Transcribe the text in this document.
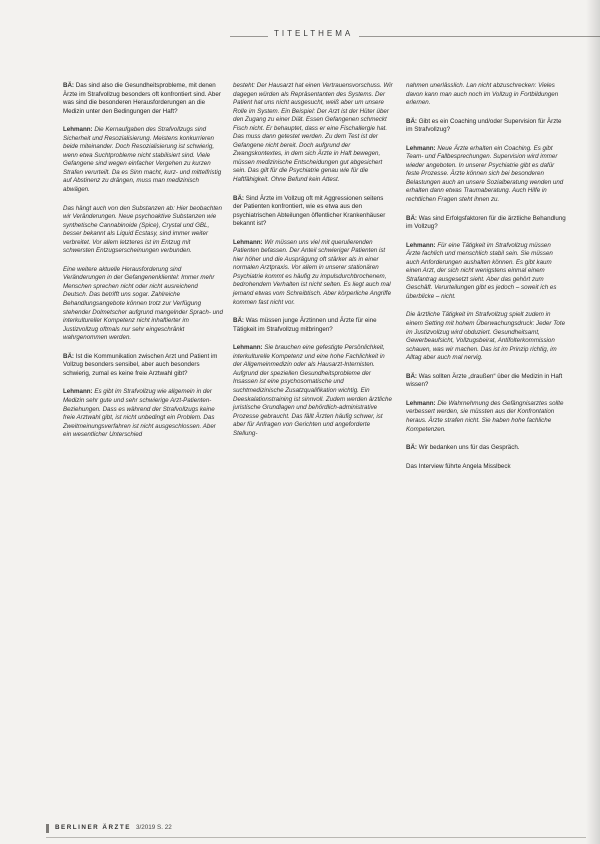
TITELTHEMA

BÄ: Das sind also die Gesundheitsprobleme, mit denen Ärzte im Strafvollzug besonders oft konfrontiert sind. Aber was sind die besonderen Herausforderungen an die Medizin unter den Bedingungen der Haft?

Lehmann: Die Kernaufgaben des Strafvollzugs sind Sicherheit und Resozialisierung. Meistens konkurrieren beide miteinander. Doch Resozialisierung ist schwierig, wenn etwa Suchtprobleme nicht stabilisiert sind. Viele Gefangene sind wegen einfacher Vergehen zu kurzen Strafen verurteilt. Da es Sinn macht, kurz- und mittelfristig auf Abstinenz zu drängen, muss man medizinisch abwägen.

Das hängt auch von den Substanzen ab: Hier beobachten wir Veränderungen. Neue psychoaktive Substanzen wie synthetische Cannabinoide (Spice), Crystal und GBL, besser bekannt als Liquid Ecstasy, sind immer weiter verbreitet. Vor allem letzteres ist im Entzug mit schwersten Entzugserscheinungen verbunden.

Eine weitere aktuelle Herausforderung sind Veränderungen in der Gefangenenklientel: Immer mehr Menschen sprechen nicht oder nicht ausreichend Deutsch. Das betrifft uns sogar. Zahlreiche Behandlungsangebote können trotz zur Verfügung stehender Dolmetscher aufgrund mangelnder Sprach- und interkultureller Kompetenz nicht inhaftierter im Justizvollzug oftmals nur sehr eingeschränkt wahrgenommen werden.

BÄ: Ist die Kommunikation zwischen Arzt und Patient im Vollzug besonders sensibel, aber auch besonders schwierig, zumal es keine freie Arztwahl gibt?

Lehmann: Es gibt im Strafvollzug wie allgemein in der Medizin sehr gute und sehr schwierige Arzt-Patienten-Beziehungen. Dass es während der Strafvollzugs keine freie Arztwahl gibt, ist nicht unbedingt ein Problem. Das Zweitmeinungsverfahren ist nicht ausgeschlossen. Aber ein wesentlicher Unterschied

besteht: Der Hausarzt hat einen Vertrauensvorschuss. Wir dagegen würden als Repräsentanten des Systems. Der Patient hat uns nicht ausgesucht, weiß aber um unsere Rolle im System. Ein Beispiel: Der Arzt ist der Hüter über den Zugang zu einer Diät. Essen Gefangenen schmeckt Fisch nicht. Er behauptet, dass er eine Fischallergie hat. Das muss dann getestet werden. Zu dem Test ist der Gefangene nicht bereit. Doch aufgrund der Zwangskontextes, in dem sich Ärzte in Haft bewegen, müssen medizinische Entscheidungen gut abgesichert sein. Das gilt für die Psychiatrie genau wie für die Haftfähigkeit. Ohne Befund kein Attest.

BÄ: Sind Ärzte im Vollzug oft mit Aggressionen seitens der Patienten konfrontiert, wie es etwa aus den psychiatrischen Abteilungen öffentlicher Krankenhäuser bekannt ist?

Lehmann: Wir müssen uns viel mit querulierenden Patienten befassen. Der Anteil schwieriger Patienten ist hier höher und die Ausprägung oft stärker als in einer normalen Arztpraxis. Vor allem in unserer stationären Psychiatrie kommt es häufig zu impulsdurchbrochenem, bedrohendem Verhalten ist nicht selten. Es liegt auch mal jemand etwas vom Schreibtisch. Aber körperliche Angriffe kommen fast nicht vor.

BÄ: Was müssen junge Ärztinnen und Ärzte für eine Tätigkeit im Strafvollzug mitbringen?

Lehmann: Sie brauchen eine gefestigte Persönlichkeit, interkulturelle Kompetenz und eine hohe Fachlichkeit in der Allgemeinmedizin oder als Hausarzt-Internisten. Aufgrund der speziellen Gesundheitsprobleme der Insassen ist eine psychosomatische und suchtmedizinische Zusatzqualifikation wichtig. Ein Deeskalationstraining ist sinnvoll. Zudem werden ärztliche juristische Grundlagen und behördlich-administrative Prozesse gebraucht. Das fällt Ärzten häufig schwer, ist aber für Anfragen von Gerichten und angeforderte Stellung-

nahmen unerlässlich. Lan nicht abzuschrecken: Vieles davon kann man auch noch im Vollzug in Fortbildungen erlernen.

BÄ: Gibt es ein Coaching und/oder Supervision für Ärzte im Strafvollzug?

Lehmann: Neue Ärzte erhalten ein Coaching. Es gibt Team- und Fallbesprechungen. Supervision wird immer wieder angeboten. In unserer Psychiatrie gibt es dafür feste Prozesse. Ärzte können sich bei besonderen Belastungen auch an unsere Sozialberatung wenden und erhalten dann etwas Traumaberatung. Auch Hilfe in rechtlichen Fragen steht ihnen zu.

BÄ: Was sind Erfolgsfaktoren für die ärztliche Behandlung im Vollzug?

Lehmann: Für eine Tätigkeit im Strafvollzug müssen Ärzte fachlich und menschlich stabil sein. Sie müssen auch Anforderungen aushalten können. Es gibt kaum einen Arzt, der sich nicht wenigstens einmal einem Strafantrag ausgesetzt sieht. Aber das gehört zum Geschäft. Verurteilungen gibt es jedoch – soweit ich es überblicke – nicht.

Die ärztliche Tätigkeit im Strafvollzug spielt zudem in einem Setting mit hohem Überwachungsdruck: Jeder Tote im Justizvollzug wird obduziert. Gesundheitsamt, Gewerbeaufsicht, Vollzugsbeirat, Antifolterkommission schauen, was wir machen. Das ist im Prinzip richtig, im Alltag aber auch mal nervig.

BÄ: Was sollten Ärzte „draußen“ über die Medizin in Haft wissen?

Lehmann: Die Wahrnehmung des Gefängnisarztes sollte verbessert werden, sie müssten aus der Konfrontation heraus. Ärzte strafen nicht. Sie haben hohe fachliche Kompetenzen.

BÄ: Wir bedanken uns für das Gespräch.

Das Interview führte Angela Misslbeck

BERLINER ÄRZTE 3/2019 S. 22
